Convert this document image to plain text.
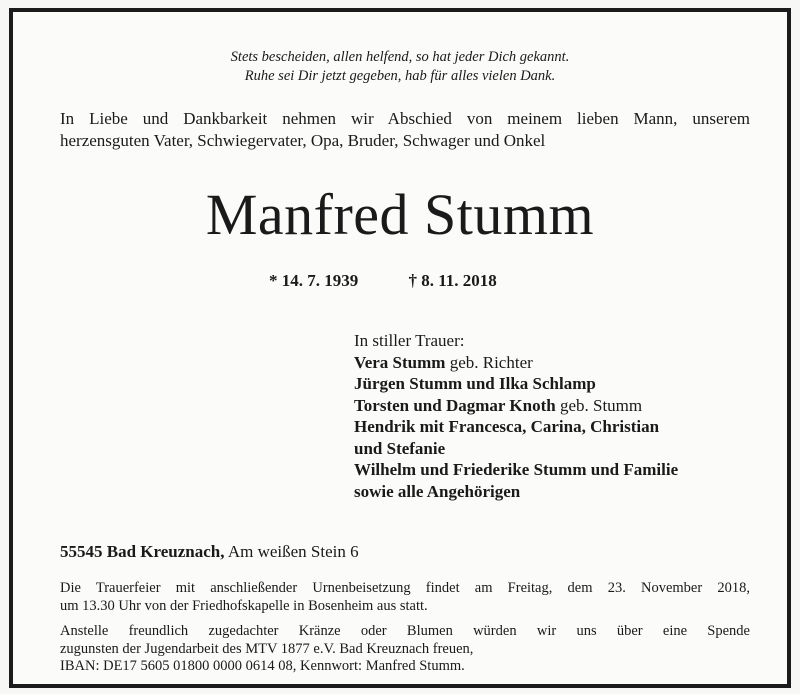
Stets bescheiden, allen helfend, so hat jeder Dich gekannt.
Ruhe sei Dir jetzt gegeben, hab für alles vielen Dank.
In Liebe und Dankbarkeit nehmen wir Abschied von meinem lieben Mann, unserem
herzensguten Vater, Schwiegervater, Opa, Bruder, Schwager und Onkel
Manfred Stumm
* 14. 7. 1939	† 8. 11. 2018
In stiller Trauer:
Vera Stumm geb. Richter
Jürgen Stumm und Ilka Schlamp
Torsten und Dagmar Knoth geb. Stumm
Hendrik mit Francesca, Carina, Christian
und Stefanie
Wilhelm und Friederike Stumm und Familie
sowie alle Angehörigen
55545 Bad Kreuznach, Am weißen Stein 6
Die Trauerfeier mit anschließender Urnenbeisetzung findet am Freitag, dem 23. November 2018,
um 13.30 Uhr von der Friedhofskapelle in Bosenheim aus statt.
Anstelle freundlich zugedachter Kränze oder Blumen würden wir uns über eine Spende
zugunsten der Jugendarbeit des MTV 1877 e.V. Bad Kreuznach freuen,
IBAN: DE17 5605 01800 0000 0614 08, Kennwort: Manfred Stumm.
